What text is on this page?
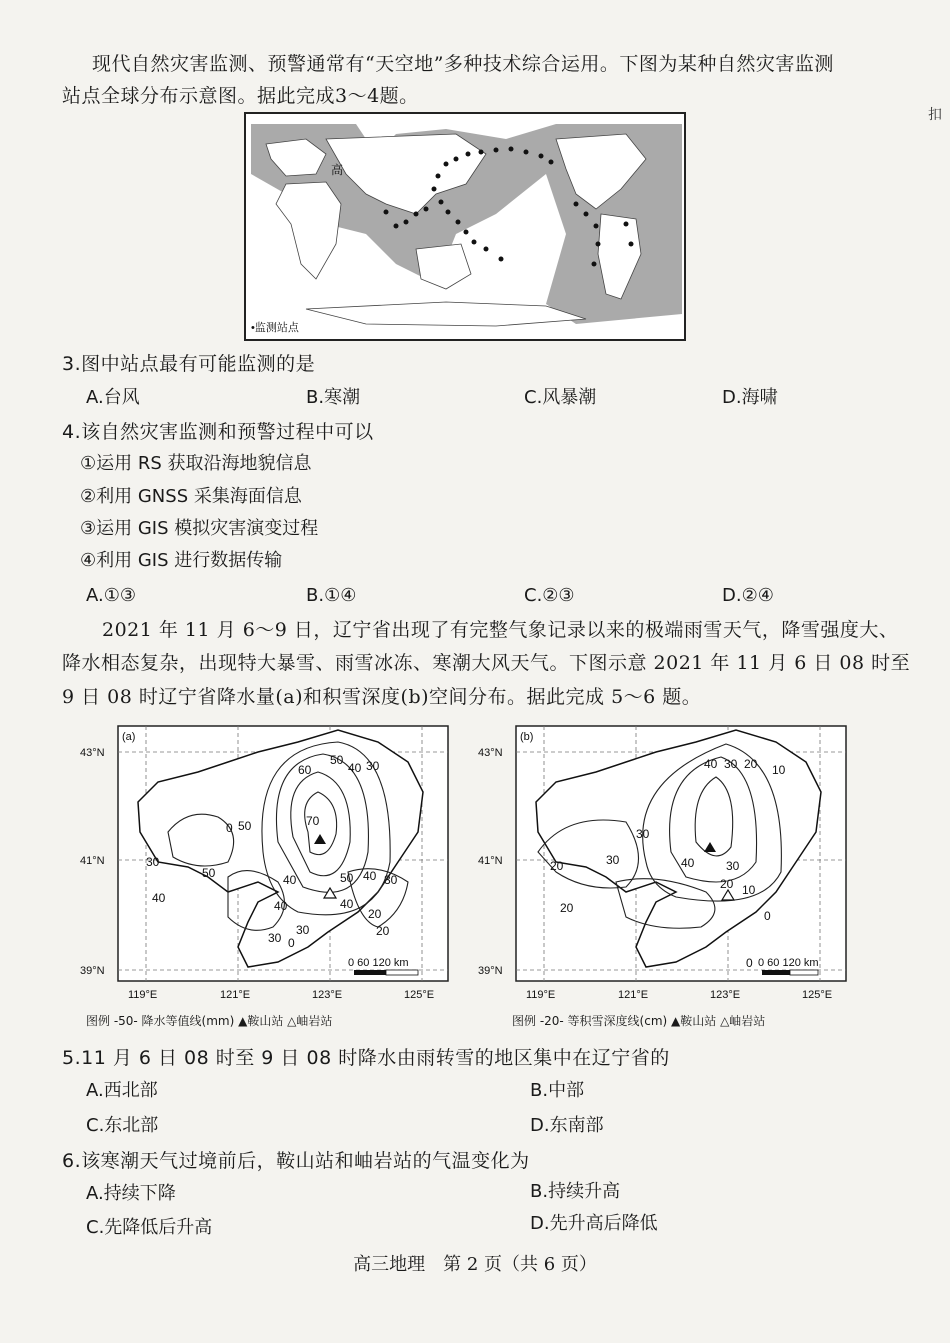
现代自然灾害监测、预警通常有“天空地”多种技术综合运用。下图为某种自然灾害监测
站点全球分布示意图。据此完成3～4题。
扣
高
•监测站点
3.图中站点最有可能监测的是
A.台风	B.寒潮	C.风暴潮	D.海啸
4.该自然灾害监测和预警过程中可以
①运用 RS 获取沿海地貌信息
②利用 GNSS 采集海面信息
③运用 GIS 模拟灾害演变过程
④利用 GIS 进行数据传输
A.①③	B.①④	C.②③	D.②④
2021 年 11 月 6～9 日，辽宁省出现了有完整气象记录以来的极端雨雪天气，降雪强度大、
降水相态复杂，出现特大暴雪、雨雪冰冻、寒潮大风天气。下图示意 2021 年 11 月 6 日 08 时至
9 日 08 时辽宁省降水量(a)和积雪深度(b)空间分布。据此完成 5～6 题。
60
50
40 30
50
0	70
50 40 30
20
30
50
40
40
40
30 0
30
40
20
(a)
43°N
41°N
39°N
119°E	121°E	123°E	125°E
0 60 120 km
图例 -50- 降水等值线(mm) ▲鞍山站 △岫岩站
40 30 20 10
30
20	30	40	30
20 10
0
20
0
(b)
43°N
41°N
39°N
119°E	121°E	123°E	125°E
0 60 120 km
图例 -20- 等积雪深度线(cm) ▲鞍山站 △岫岩站
5.11 月 6 日 08 时至 9 日 08 时降水由雨转雪的地区集中在辽宁省的
A.西北部	B.中部
C.东北部	D.东南部
6.该寒潮天气过境前后，鞍山站和岫岩站的气温变化为
A.持续下降	B.持续升高
C.先降低后升高	D.先升高后降低
高三地理　第 2 页（共 6 页）
